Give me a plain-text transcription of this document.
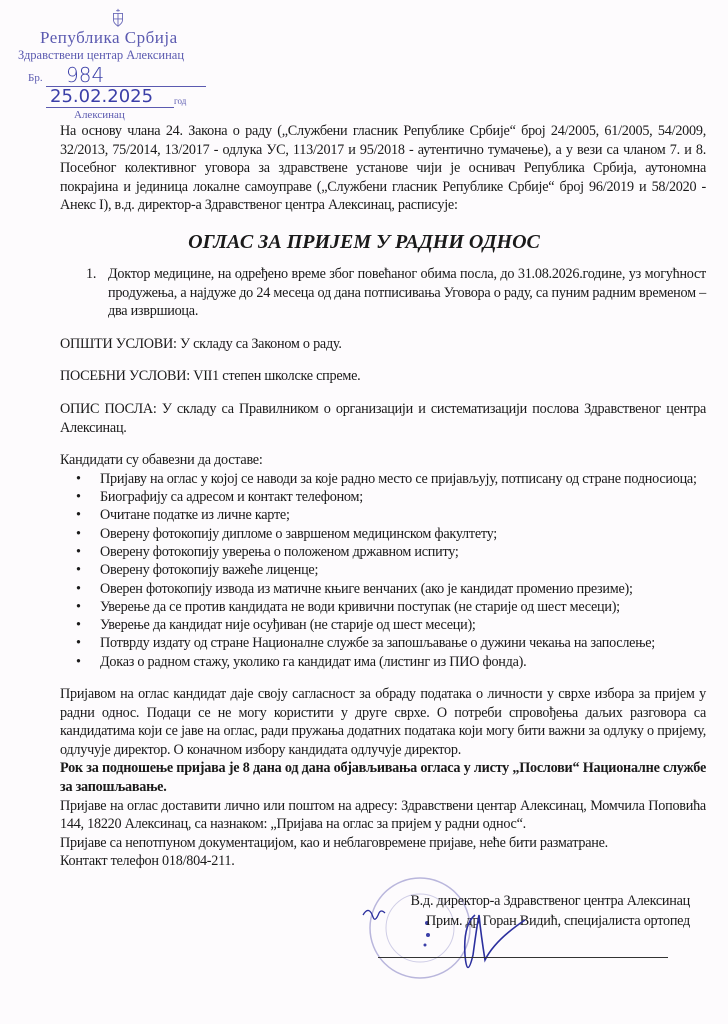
Република Србија
Здравствени центар Алексинац
Бр. 984
25.02.2025 год
Алексинац
На основу члана 24. Закона о раду („Службени гласник Републике Србије“ број 24/2005, 61/2005, 54/2009, 32/2013, 75/2014, 13/2017 - одлука УС, 113/2017 и 95/2018 - аутентично тумачење), а у вези са чланом 7. и 8. Посебног колективног уговора за здравствене установе чији је оснивач Република Србија, аутономна покрајина и јединица локалне самоуправе („Службени гласник Републике Србије“ број 96/2019 и 58/2020 - Анекс I), в.д. директор-а Здравственог центра Алексинац, расписује:
ОГЛАС ЗА ПРИЈЕМ У РАДНИ ОДНОС
1. Доктор медицине, на одређено време због повећаног обима посла, до 31.08.2026.године, уз могућност продужења, а најдуже до 24 месеца од дана потписивања Уговора о раду, са пуним радним временом – два извршиоца.
ОПШТИ УСЛОВИ: У складу са Законом о раду.
ПОСЕБНИ УСЛОВИ: VII1 степен школске спреме.
ОПИС ПОСЛА: У складу са Правилником о организацији и систематизацији послова Здравственог центра Алексинац.
Кандидати су обавезни да доставе:
• Пријаву на оглас у којој се наводи за које радно место се пријављују, потписану од стране подносиоца;
• Биографију са адресом и контакт телефоном;
• Очитане податке из личне карте;
• Оверену фотокопију дипломе о завршеном медицинском факултету;
• Оверену фотокопију уверења о положеном државном испиту;
• Оверену фотокопију важеће лиценце;
• Оверен фотокопију извода из матичне књиге венчаних (ако је кандидат променио презиме);
• Уверење да се против кандидата не води кривични поступак (не старије од шест месеци);
• Уверење да кандидат није осуђиван (не старије од шест месеци);
• Потврду издату од стране Националне службе за запошљавање о дужини чекања на запослење;
• Доказ о радном стажу, уколико га кандидат има (листинг из ПИО фонда).
Пријавом на оглас кандидат даје своју сагласност за обраду података о личности у сврхе избора за пријем у радни однос. Подаци се не могу користити у друге сврхе. О потреби спровођења даљих разговора са кандидатима који се јаве на оглас, ради пружања додатних података који могу бити важни за одлуку о пријему, одлучује директор. О коначном избору кандидата одлучује директор.
Рок за подношење пријава је 8 дана од дана објављивања огласа у листу „Послови“ Националне службе за запошљавање.
Пријаве на оглас доставити лично или поштом на адресу: Здравствени центар Алексинац, Момчила Поповића 144, 18220 Алексинац, са назнаком: „Пријава на оглас за пријем у радни однос“.
Пријаве са непотпуном документацијом, као и неблаговремене пријаве, неће бити разматране.
Контакт телефон 018/804-211.
В.д. директор-а Здравственог центра Алексинац
Прим. др Горан Видић, специјалиста ортопед
